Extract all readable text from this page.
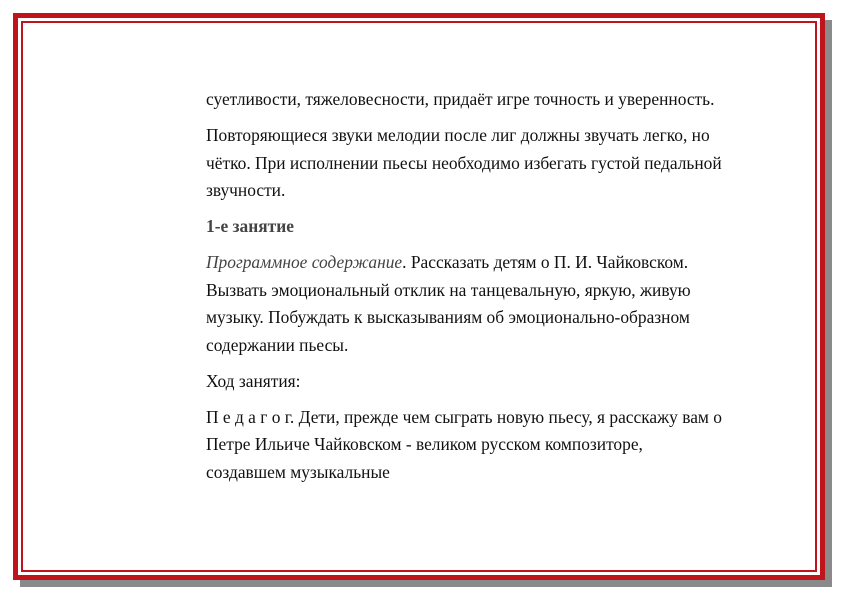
суетливости, тяжеловесности, придаёт игре точность и уверенность.

Повторяющиеся звуки мелодии после лиг должны звучать легко, но чётко. При исполнении пьесы необходимо избегать густой педальной звучности.

1-е занятие

Программное содержание. Рассказать детям о П. И. Чайковском. Вызвать эмоциональный отклик на танцевальную, яркую, живую музыку. Побуждать к высказываниям об эмоционально-образном содержании пьесы.

Ход занятия:

П е д а г о г. Дети, прежде чем сыграть новую пьесу, я расскажу вам о Петре Ильиче Чайковском - великом русском композиторе, создавшем музыкальные
